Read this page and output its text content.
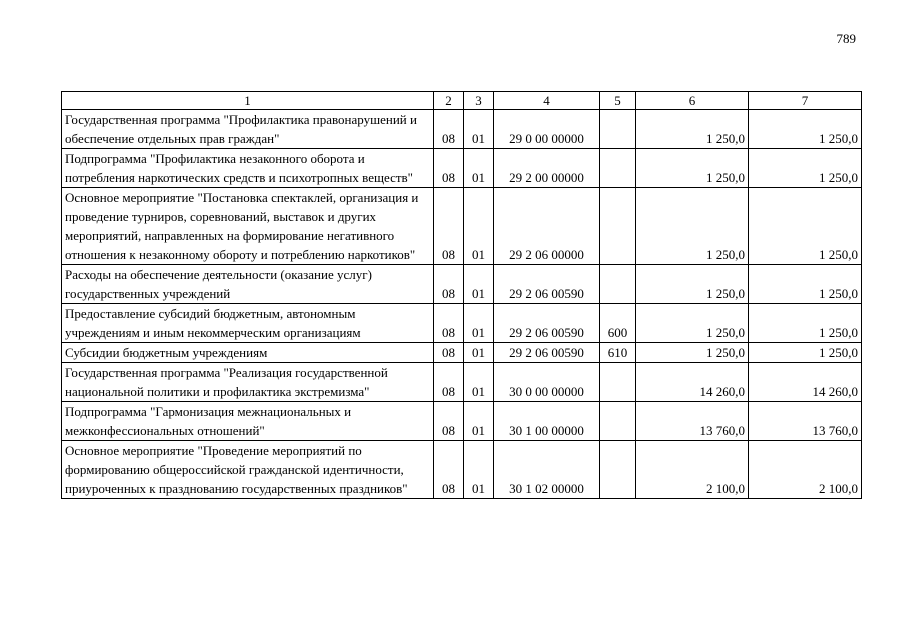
789
1	2	3	4	5	6	7
Государственная программа "Профилактика правонарушений и обеспечение отдельных прав граждан"	08	01	29 0 00 00000		1 250,0	1 250,0
Подпрограмма "Профилактика незаконного оборота и потребления наркотических средств и психотропных веществ"	08	01	29 2 00 00000		1 250,0	1 250,0
Основное мероприятие "Постановка спектаклей, организация и проведение турниров, соревнований, выставок и других мероприятий, направленных на формирование негативного отношения к незаконному обороту и потреблению наркотиков"	08	01	29 2 06 00000		1 250,0	1 250,0
Расходы на обеспечение деятельности (оказание услуг) государственных учреждений	08	01	29 2 06 00590		1 250,0	1 250,0
Предоставление субсидий бюджетным, автономным учреждениям и иным некоммерческим организациям	08	01	29 2 06 00590	600	1 250,0	1 250,0
Субсидии бюджетным учреждениям	08	01	29 2 06 00590	610	1 250,0	1 250,0
Государственная программа "Реализация государственной национальной политики и профилактика экстремизма"	08	01	30 0 00 00000		14 260,0	14 260,0
Подпрограмма "Гармонизация межнациональных и межконфессиональных отношений"	08	01	30 1 00 00000		13 760,0	13 760,0
Основное мероприятие "Проведение мероприятий по формированию общероссийской гражданской идентичности, приуроченных к празднованию государственных праздников"	08	01	30 1 02 00000		2 100,0	2 100,0
